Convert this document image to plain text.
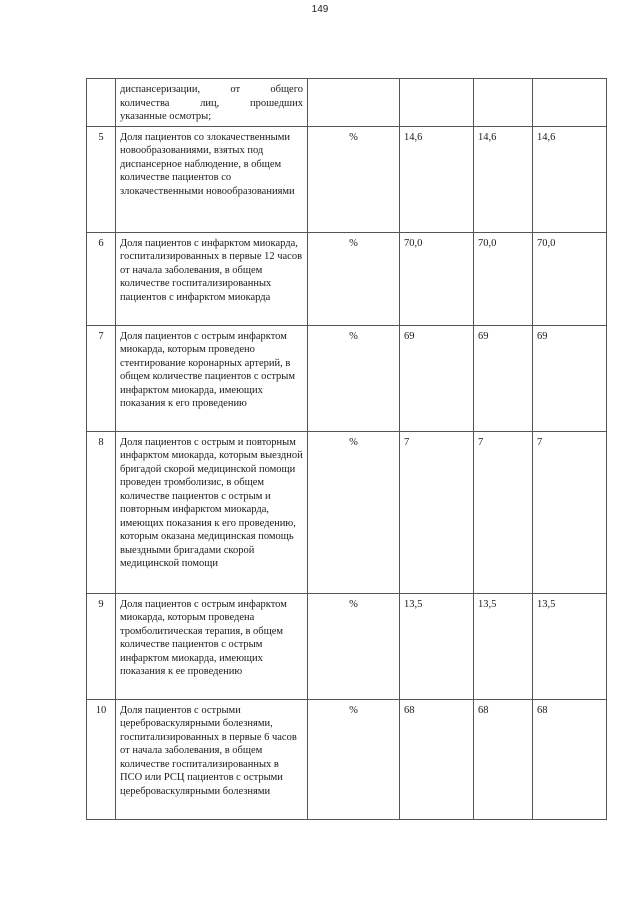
149

	диспансеризации, от общего
количества лиц, прошедших
указанные осмотры;				

5	Доля пациентов со злокачественными новообразованиями, взятых под диспансерное наблюдение, в общем количестве пациентов со злокачественными новообразованиями	%	14,6	14,6	14,6
6	Доля пациентов с инфарктом миокарда, госпитализированных в первые 12 часов от начала заболевания, в общем количестве госпитализированных пациентов с инфарктом миокарда	%	70,0	70,0	70,0
7	Доля пациентов с острым инфарктом миокарда, которым проведено стентирование коронарных артерий, в общем количестве пациентов с острым инфарктом миокарда, имеющих показания к его проведению	%	69	69	69
8	Доля пациентов с острым и повторным инфарктом миокарда, которым выездной бригадой скорой медицинской помощи проведен тромболизис, в общем количестве пациентов с острым и повторным инфарктом миокарда, имеющих показания к его проведению, которым оказана медицинская помощь выездными бригадами скорой медицинской помощи	%	7	7	7
9	Доля пациентов с острым инфарктом миокарда, которым проведена тромболитическая терапия, в общем количестве пациентов с острым инфарктом миокарда, имеющих показания к ее проведению	%	13,5	13,5	13,5
10	Доля пациентов с острыми цереброваскулярными болезнями, госпитализированных в первые 6 часов от начала заболевания, в общем количестве госпитализированных в ПСО или РСЦ пациентов с острыми цереброваскулярными болезнями	%	68	68	68
